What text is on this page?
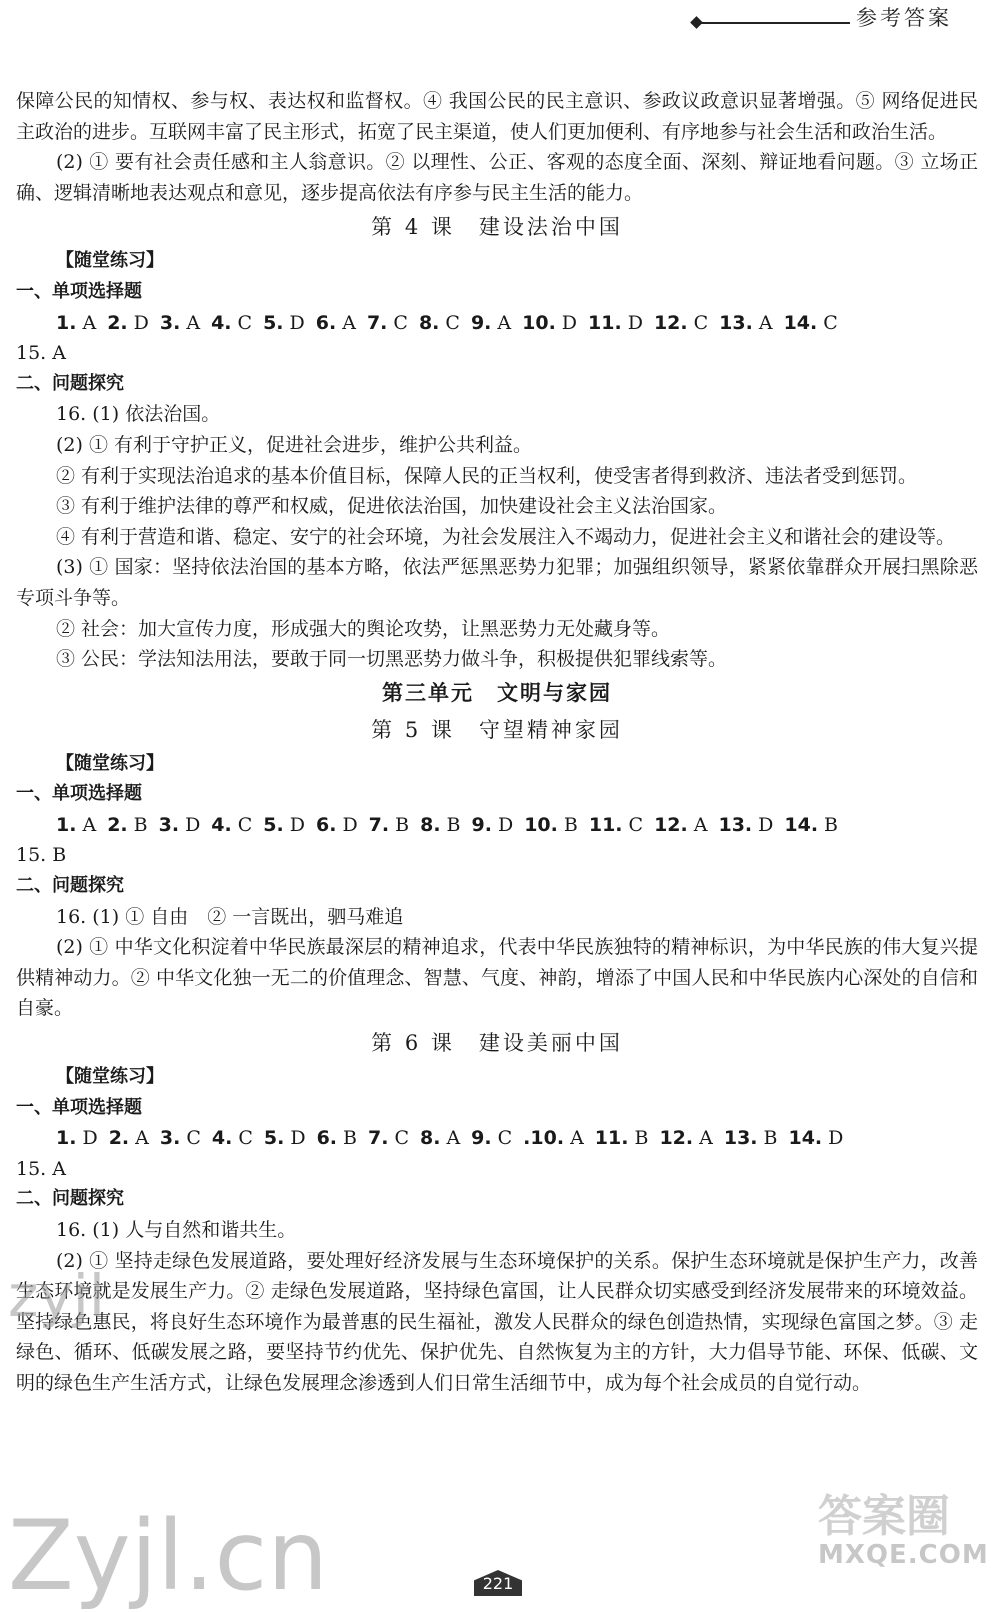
参考答案

保障公民的知情权、参与权、表达权和监督权。④ 我国公民的民主意识、参政议政意识显著增强。⑤ 网络促进民主政治的进步。互联网丰富了民主形式，拓宽了民主渠道，使人们更加便利、有序地参与社会生活和政治生活。

(2) ① 要有社会责任感和主人翁意识。② 以理性、公正、客观的态度全面、深刻、辩证地看问题。③ 立场正确、逻辑清晰地表达观点和意见，逐步提高依法有序参与民主生活的能力。

第 4 课　建设法治中国

【随堂练习】

一、单项选择题

1. A 2. D 3. A 4. C 5. D 6. A 7. C 8. C 9. A 10. D 11. D 12. C 13. A 14. C

15. A

二、问题探究

16. (1) 依法治国。

(2) ① 有利于守护正义，促进社会进步，维护公共利益。

② 有利于实现法治追求的基本价值目标，保障人民的正当权利，使受害者得到救济、违法者受到惩罚。

③ 有利于维护法律的尊严和权威，促进依法治国，加快建设社会主义法治国家。

④ 有利于营造和谐、稳定、安宁的社会环境，为社会发展注入不竭动力，促进社会主义和谐社会的建设等。

(3) ① 国家：坚持依法治国的基本方略，依法严惩黑恶势力犯罪；加强组织领导，紧紧依靠群众开展扫黑除恶专项斗争等。

② 社会：加大宣传力度，形成强大的舆论攻势，让黑恶势力无处藏身等。

③ 公民：学法知法用法，要敢于同一切黑恶势力做斗争，积极提供犯罪线索等。

第三单元　文明与家园

第 5 课　守望精神家园

【随堂练习】

一、单项选择题

1. A 2. B 3. D 4. C 5. D 6. D 7. B 8. B 9. D 10. B 11. C 12. A 13. D 14. B

15. B

二、问题探究

16. (1) ① 自由　② 一言既出，驷马难追

(2) ① 中华文化积淀着中华民族最深层的精神追求，代表中华民族独特的精神标识，为中华民族的伟大复兴提供精神动力。② 中华文化独一无二的价值理念、智慧、气度、神韵，增添了中国人民和中华民族内心深处的自信和自豪。

第 6 课　建设美丽中国

【随堂练习】

一、单项选择题

1. D 2. A 3. C 4. C 5. D 6. B 7. C 8. A 9. C .10. A 11. B 12. A 13. B 14. D

15. A

二、问题探究

16. (1) 人与自然和谐共生。

(2) ① 坚持走绿色发展道路，要处理好经济发展与生态环境保护的关系。保护生态环境就是保护生产力，改善生态环境就是发展生产力。② 走绿色发展道路，坚持绿色富国，让人民群众切实感受到经济发展带来的环境效益。坚持绿色惠民，将良好生态环境作为最普惠的民生福祉，激发人民群众的绿色创造热情，实现绿色富国之梦。③ 走绿色、循环、低碳发展之路，要坚持节约优先、保护优先、自然恢复为主的方针，大力倡导节能、环保、低碳、文明的绿色生产生活方式，让绿色发展理念渗透到人们日常生活细节中，成为每个社会成员的自觉行动。

zyjl
Zyjl.cn	答案圈
MXQE.COM
221
